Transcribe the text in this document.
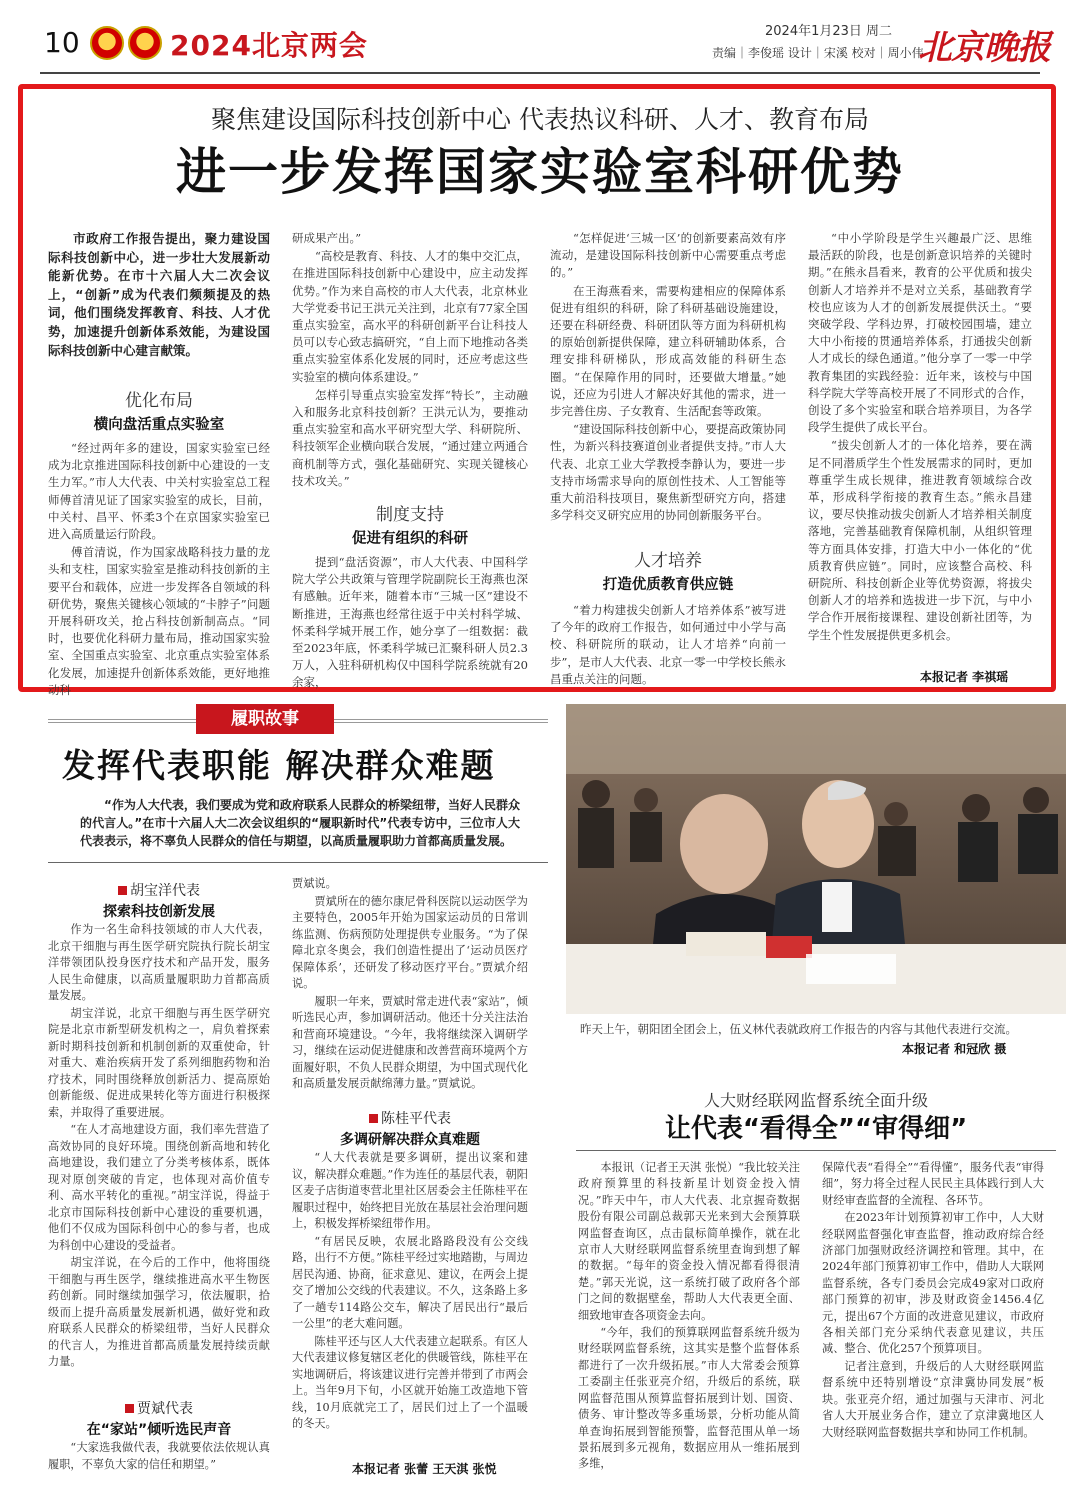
10	2024北京两会	2024年1月23日 周二
责编｜李俊瑶 设计｜宋溪 校对｜周小伟
北京晚报
聚焦建设国际科技创新中心 代表热议科研、人才、教育布局
进一步发挥国家实验室科研优势
市政府工作报告提出，聚力建设国际科技创新中心，进一步壮大发展新动能新优势。在市十六届人大二次会议上，“创新”成为代表们频频提及的热词，他们围绕发挥教育、科技、人才优势，加速提升创新体系效能，为建设国际科技创新中心建言献策。
优化布局
横向盘活重点实验室

“经过两年多的建设，国家实验室已经成为北京推进国际科技创新中心建设的一支生力军。”市人大代表、中关村实验室总工程师傅首清见证了国家实验室的成长，目前，中关村、昌平、怀柔3个在京国家实验室已进入高质量运行阶段。

傅首清说，作为国家战略科技力量的龙头和支柱，国家实验室是推动科技创新的主要平台和载体，应进一步发挥各自领域的科研优势，聚焦关键核心领域的“卡脖子”问题开展科研攻关，抢占科技创新制高点。“同时，也要优化科研力量布局，推动国家实验室、全国重点实验室、北京重点实验室体系化发展，加速提升创新体系效能，更好地推动科

研成果产出。”

“高校是教育、科技、人才的集中交汇点，在推进国际科技创新中心建设中，应主动发挥优势。”作为来自高校的市人大代表，北京林业大学党委书记王洪元关注到，北京有77家全国重点实验室，高水平的科研创新平台让科技人员可以专心致志搞研究，“自上而下地推动各类重点实验室体系化发展的同时，还应考虑这些实验室的横向体系建设。”

怎样引导重点实验室发挥“特长”，主动融入和服务北京科技创新？王洪元认为，要推动重点实验室和高水平研究型大学、科研院所、科技领军企业横向联合发展，“通过建立两通合商机制等方式，强化基础研究、实现关键核心技术攻关。”

制度支持
促进有组织的科研

提到“盘活资源”，市人大代表、中国科学院大学公共政策与管理学院副院长王海燕也深有感触。近年来，随着本市“三城一区”建设不断推进，王海燕也经常往返于中关村科学城、怀柔科学城开展工作，她分享了一组数据：截至2023年底，怀柔科学城已汇聚科研人员2.3万人，入驻科研机构仅中国科学院系统就有20余家，

“怎样促进‘三城一区’的创新要素高效有序流动，是建设国际科技创新中心需要重点考虑的。”

在王海燕看来，需要构建相应的保障体系促进有组织的科研，除了科研基础设施建设，还要在科研经费、科研团队等方面为科研机构的原始创新提供保障，建立科研辅助体系，合理安排科研梯队，形成高效能的科研生态圈。“在保障作用的同时，还要做大增量。”她说，还应为引进人才解决好其他的需求，进一步完善住房、子女教育、生活配套等政策。

“建设国际科技创新中心，要提高政策协同性，为新兴科技赛道创业者提供支持。”市人大代表、北京工业大学教授李静认为，要进一步支持市场需求导向的原创性技术、人工智能等重大前沿科技项目，聚焦新型研究方向，搭建多学科交叉研究应用的协同创新服务平台。

人才培养
打造优质教育供应链

“着力构建拔尖创新人才培养体系”被写进了今年的政府工作报告，如何通过中小学与高校、科研院所的联动，让人才培养“向前一步”，是市人大代表、北京一零一中学校长熊永昌重点关注的问题。

“中小学阶段是学生兴趣最广泛、思维最活跃的阶段，也是创新意识培养的关键时期。”在熊永昌看来，教育的公平优质和拔尖创新人才培养并不是对立关系，基础教育学校也应该为人才的创新发展提供沃土。“要突破学段、学科边界，打破校园围墙，建立大中小衔接的贯通培养体系，打通拔尖创新人才成长的绿色通道。”他分享了一零一中学教育集团的实践经验：近年来，该校与中国科学院大学等高校开展了不同形式的合作，创设了多个实验室和联合培养项目，为各学段学生提供了成长平台。

“拔尖创新人才的一体化培养，要在满足不同潜质学生个性发展需求的同时，更加尊重学生成长规律，推进教育领域综合改革，形成科学衔接的教育生态。”熊永昌建议，要尽快推动拔尖创新人才培养相关制度落地，完善基础教育保障机制，从组织管理等方面具体安排，打造大中小一体化的“优质教育供应链”。同时，应该整合高校、科研院所、科技创新企业等优势资源，将拔尖创新人才的培养和选拔进一步下沉，与中小学合作开展衔接课程、建设创新社团等，为学生个性发展提供更多机会。

本报记者 李祺瑶
履职故事
发挥代表职能 解决群众难题
“作为人大代表，我们要成为党和政府联系人民群众的桥梁纽带，当好人民群众的代言人。”在市十六届人大二次会议组织的“履职新时代”代表专访中，三位市人大代表表示，将不辜负人民群众的信任与期望，以高质量履职助力首都高质量发展。
胡宝洋代表
探索科技创新发展

作为一名生命科技领域的市人大代表，北京干细胞与再生医学研究院执行院长胡宝洋带领团队投身医疗技术和产品开发，服务人民生命健康，以高质量履职助力首都高质量发展。

胡宝洋说，北京干细胞与再生医学研究院是北京市新型研发机构之一，肩负着探索新时期科技创新和机制创新的双重使命，针对重大、难治疾病开发了系列细胞药物和治疗技术，同时围绕释放创新活力、提高原始创新能级、促进成果转化等方面进行积极探索，并取得了重要进展。

“在人才高地建设方面，我们率先营造了高效协同的良好环境。围绕创新高地和转化高地建设，我们建立了分类考核体系，既体现对原创突破的肯定，也体现对高价值专利、高水平转化的重视。”胡宝洋说，得益于北京市国际科技创新中心建设的重要机遇，他们不仅成为国际科创中心的参与者，也成为科创中心建设的受益者。

胡宝洋说，在今后的工作中，他将围绕干细胞与再生医学，继续推进高水平生物医药创新。同时继续加强学习，依法履职，拾级而上提升高质量发展新机遇，做好党和政府联系人民群众的桥梁纽带，当好人民群众的代言人，为推进首都高质量发展持续贡献力量。

贾斌代表
在“家站”倾听选民声音

“大家选我做代表，我就要依法依规认真履职，不辜负大家的信任和期望。”

贾斌说。

贾斌所在的德尔康尼骨科医院以运动医学为主要特色，2005年开始为国家运动员的日常训练监测、伤病预防处理提供专业服务。“为了保障北京冬奥会，我们创造性提出了‘运动员医疗保障体系’，还研发了移动医疗平台。”贾斌介绍说。

履职一年来，贾斌时常走进代表“家站”，倾听选民心声，参加调研活动。他还十分关注法治和营商环境建设。“今年，我将继续深入调研学习，继续在运动促进健康和改善营商环境两个方面履好职，不负人民群众期望，为中国式现代化和高质量发展贡献绵薄力量。”贾斌说。

陈桂平代表
多调研解决群众真难题

“人大代表就是要多调研，提出议案和建议，解决群众难题。”作为连任的基层代表，朝阳区麦子店街道枣营北里社区居委会主任陈桂平在履职过程中，始终把目光放在基层社会治理问题上，积极发挥桥梁纽带作用。

“有居民反映，农展北路路段没有公交线路，出行不方便。”陈桂平经过实地踏勘，与周边居民沟通、协商，征求意见、建议，在两会上提交了增加公交线的代表建议。不久，这条路上多了一趟专114路公交车，解决了居民出行“最后一公里”的老大难问题。

陈桂平还与区人大代表建立起联系。有区人大代表建议修复辖区老化的供暖管线，陈桂平在实地调研后，将该建议进行完善并带到了市两会上。当年9月下旬，小区就开始施工改造地下管线，10月底就完工了，居民们过上了一个温暖的冬天。

本报记者 张蕾 王天淇 张悦
昨天上午，朝阳团全团会上，伍义林代表就政府工作报告的内容与其他代表进行交流。
本报记者 和冠欣 摄
人大财经联网监督系统全面升级
让代表“看得全”“审得细”

本报讯（记者王天淇 张悦）“我比较关注政府预算里的科技新星计划资金投入情况。”昨天中午，市人大代表、北京握奇数据股份有限公司副总裁郭天光来到大会预算联网监督查询区，点击鼠标简单操作，就在北京市人大财经联网监督系统里查询到想了解的数据。“每年的资金投入情况都看得很清楚。”郭天光说，这一系统打破了政府各个部门之间的数据壁垒，帮助人大代表更全面、细致地审查各项资金去向。

“今年，我们的预算联网监督系统升级为财经联网监督系统，这其实是整个监督体系都进行了一次升级拓展。”市人大常委会预算工委副主任张亚亮介绍，升级后的系统，联网监督范围从预算监督拓展到计划、国资、债务、审计整改等多重场景，分析功能从简单查询拓展到智能预警，监督范围从单一场景拓展到多元视角，数据应用从一维拓展到多维，

保障代表“看得全”“看得懂”，服务代表“审得细”，努力将全过程人民民主具体践行到人大财经审查监督的全流程、各环节。

在2023年计划预算初审工作中，人大财经联网监督强化审查监督，推动政府综合经济部门加强财政经济调控和管理。其中，在2024年部门预算初审工作中，借助人大联网监督系统，各专门委员会完成49家对口政府部门预算的初审，涉及财政资金1456.4亿元，提出67个方面的改进意见建议，市政府各相关部门充分采纳代表意见建议，共压减、整合、优化257个预算项目。

记者注意到，升级后的人大财经联网监督系统中还特别增设“京津冀协同发展”板块。张亚亮介绍，通过加强与天津市、河北省人大开展业务合作，建立了京津冀地区人大财经联网监督数据共享和协同工作机制。
